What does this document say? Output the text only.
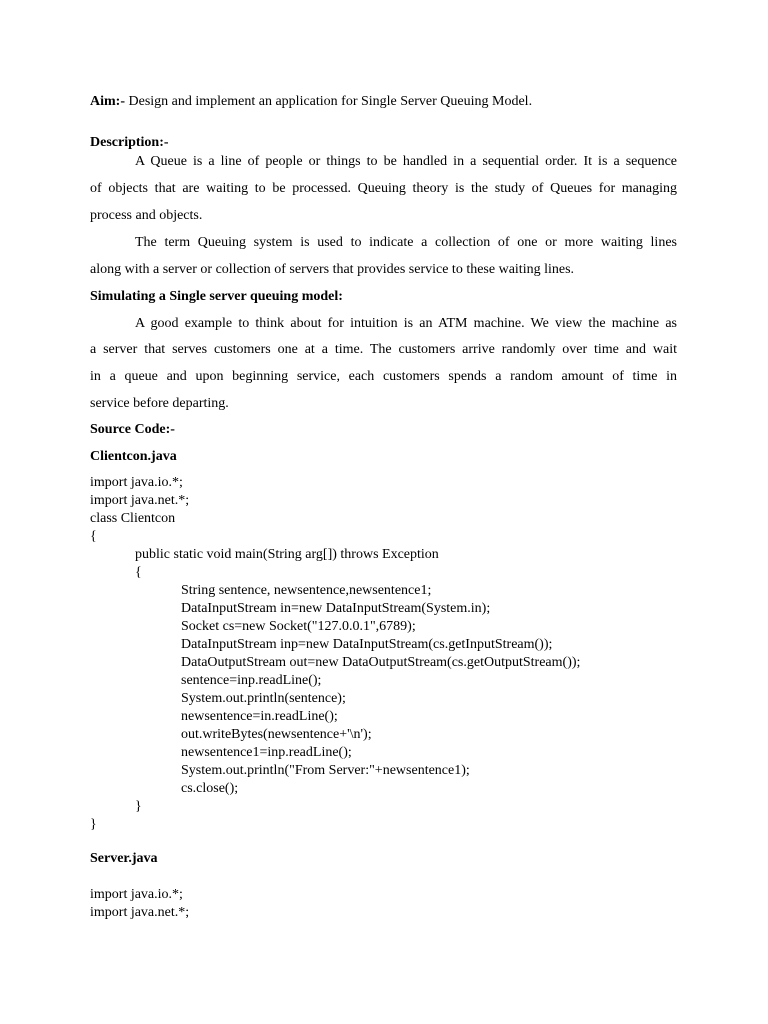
Aim:- Design and implement an application for Single Server Queuing Model.
Description:-
A Queue is a line of people or things to be handled in a sequential order. It is a sequence
of objects that are waiting to be processed. Queuing theory is the study of Queues for managing
process and objects.
The term Queuing system is used to indicate a collection of one or more waiting lines
along with a server or collection of servers that provides service to these waiting lines.
Simulating a Single server queuing model:
A good example to think about for intuition is an ATM machine. We view the machine as
a server that serves customers one at a time. The customers arrive randomly over time and wait
in a queue and upon beginning service, each customers spends a random amount of time in
service before departing.
Source Code:-
Clientcon.java
import java.io.*;
import java.net.*;
class Clientcon
{
public static void main(String arg[]) throws Exception
{
String sentence, newsentence,newsentence1;
DataInputStream in=new DataInputStream(System.in);
Socket cs=new Socket("127.0.0.1",6789);
DataInputStream inp=new DataInputStream(cs.getInputStream());
DataOutputStream out=new DataOutputStream(cs.getOutputStream());
sentence=inp.readLine();
System.out.println(sentence);
newsentence=in.readLine();
out.writeBytes(newsentence+'\n');
newsentence1=inp.readLine();
System.out.println("From Server:"+newsentence1);
cs.close();
}
}
Server.java
import java.io.*;
import java.net.*;
